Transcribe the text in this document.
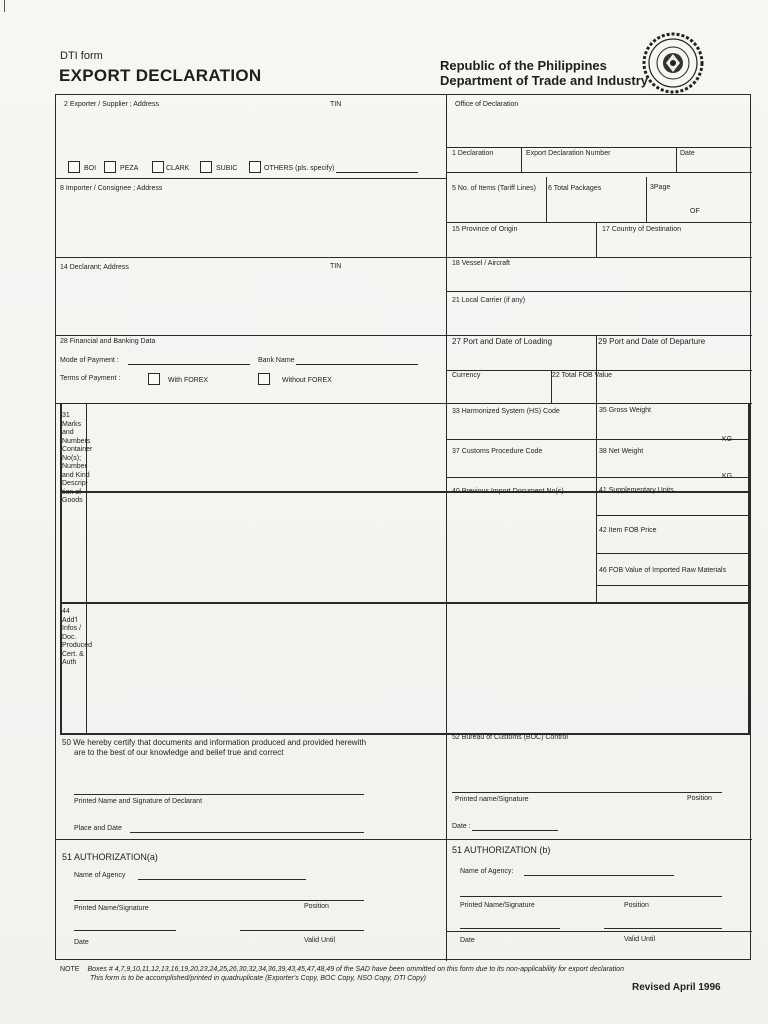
DTI form
EXPORT DECLARATION
Republic of the Philippines
Department of Trade and Industry
2 Exporter / Supplier ; Address	TIN	Office of Declaration
1 Declaration	Export Declaration Number	Date
BOI	PEZA	CLARK	SUBIC	OTHERS (pls. specify)
8 Importer / Consignee ; Address	5 No. of Items (Tariff Lines) 6 Total Packages	3Page
OF
15 Province of Origin	17 Country of Destination
14 Declarant; Address	TIN	18 Vessel / Aircraft
21 Local Carrier (if any)
28 Financial and Banking Data
Mode of Payment :	Bank Name
Terms of Payment :	With FOREX	Without FOREX
27 Port and Date of Loading	29 Port and Date of Departure
Currency	22 Total FOB Value
31
Marks
and
Numbers
Container
No(s);
Number
and Kind
Descrip-
tion of
Goods
33 Harmonized System (HS) Code	35 Gross Weight
KG
37 Customs Procedure Code	38 Net Weight
KG
40 Previous Import Document No(s)	41 Supplementary Units
42 Item FOB Price
46 FOB Value of Imported Raw Materials
44
Add'l
Infos /
Doc.
Produced
Cert. &
Auth
50 We hereby certify that documents and information produced and provided herewith
are to the best of our knowledge and belief true and correct
Printed Name and Signature of Declarant
Place and Date
52 Bureau of Customs (BOC) Control
Printed name/Signature	Position
Date :
51 AUTHORIZATION(a)
Name of Agency
Printed Name/Signature	Position
Date	Valid Until
51 AUTHORIZATION (b)
Name of Agency:
Printed Name/Signature	Position
Date	Valid Until
NOTE Boxes # 4,7,9,10,11,12,13,16,19,20,23,24,25,26,30,32,34,36,39,43,45,47,48,49 of the SAD have been ommitted on this form due to its non-applicability for export declaration
This form is to be accomplished/printed in quadruplicate (Exporter's Copy, BOC Copy, NSO Copy, DTI Copy)
Revised April 1996
